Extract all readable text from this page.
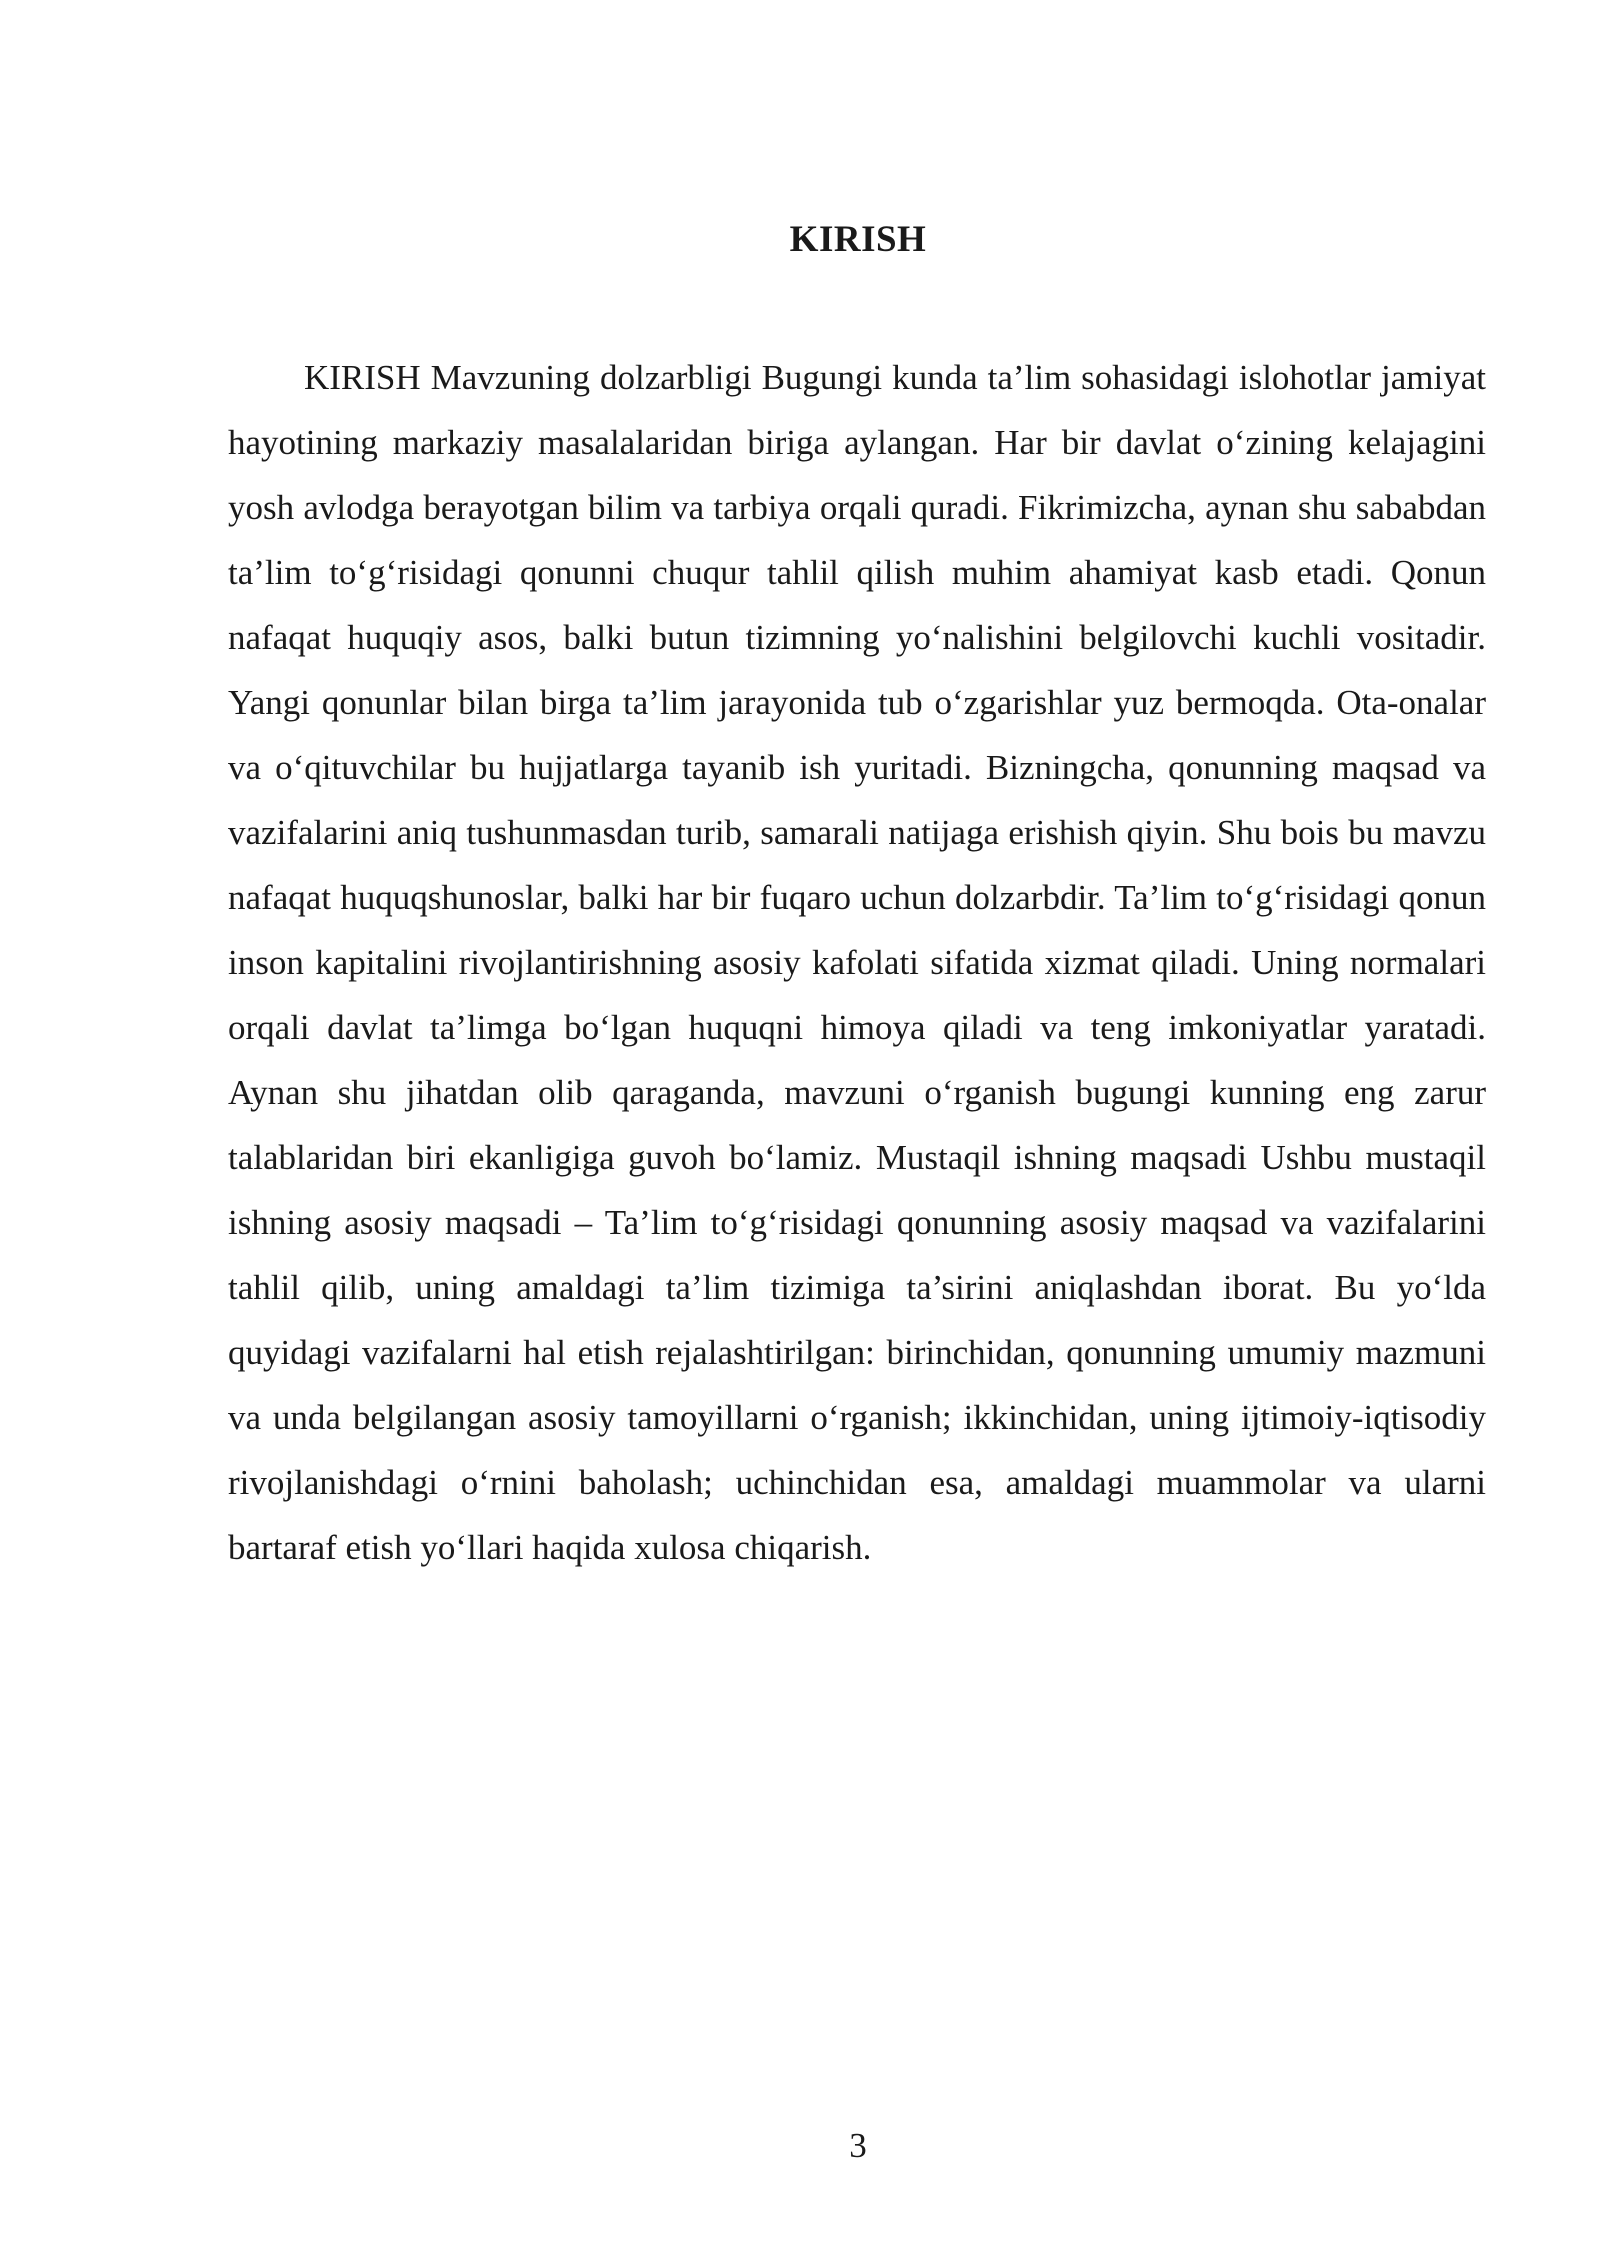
KIRISH

KIRISH Mavzuning dolzarbligi Bugungi kunda ta’lim sohasidagi islohotlar jamiyat hayotining markaziy masalalaridan biriga aylangan. Har bir davlat o‘zining kelajagini yosh avlodga berayotgan bilim va tarbiya orqali quradi. Fikrimizcha, aynan shu sababdan ta’lim to‘g‘risidagi qonunni chuqur tahlil qilish muhim ahamiyat kasb etadi. Qonun nafaqat huquqiy asos, balki butun tizimning yo‘nalishini belgilovchi kuchli vositadir. Yangi qonunlar bilan birga ta’lim jarayonida tub o‘zgarishlar yuz bermoqda. Ota-onalar va o‘qituvchilar bu hujjatlarga tayanib ish yuritadi. Bizningcha, qonunning maqsad va vazifalarini aniq tushunmasdan turib, samarali natijaga erishish qiyin. Shu bois bu mavzu nafaqat huquqshunoslar, balki har bir fuqaro uchun dolzarbdir. Ta’lim to‘g‘risidagi qonun inson kapitalini rivojlantirishning asosiy kafolati sifatida xizmat qiladi. Uning normalari orqali davlat ta’limga bo‘lgan huquqni himoya qiladi va teng imkoniyatlar yaratadi. Aynan shu jihatdan olib qaraganda, mavzuni o‘rganish bugungi kunning eng zarur talablaridan biri ekanligiga guvoh bo‘lamiz. Mustaqil ishning maqsadi Ushbu mustaqil ishning asosiy maqsadi – Ta’lim to‘g‘risidagi qonunning asosiy maqsad va vazifalarini tahlil qilib, uning amaldagi ta’lim tizimiga ta’sirini aniqlashdan iborat. Bu yo‘lda quyidagi vazifalarni hal etish rejalashtirilgan: birinchidan, qonunning umumiy mazmuni va unda belgilangan asosiy tamoyillarni o‘rganish; ikkinchidan, uning ijtimoiy-iqtisodiy rivojlanishdagi o‘rnini baholash; uchinchidan esa, amaldagi muammolar va ularni bartaraf etish yo‘llari haqida xulosa chiqarish.

3
